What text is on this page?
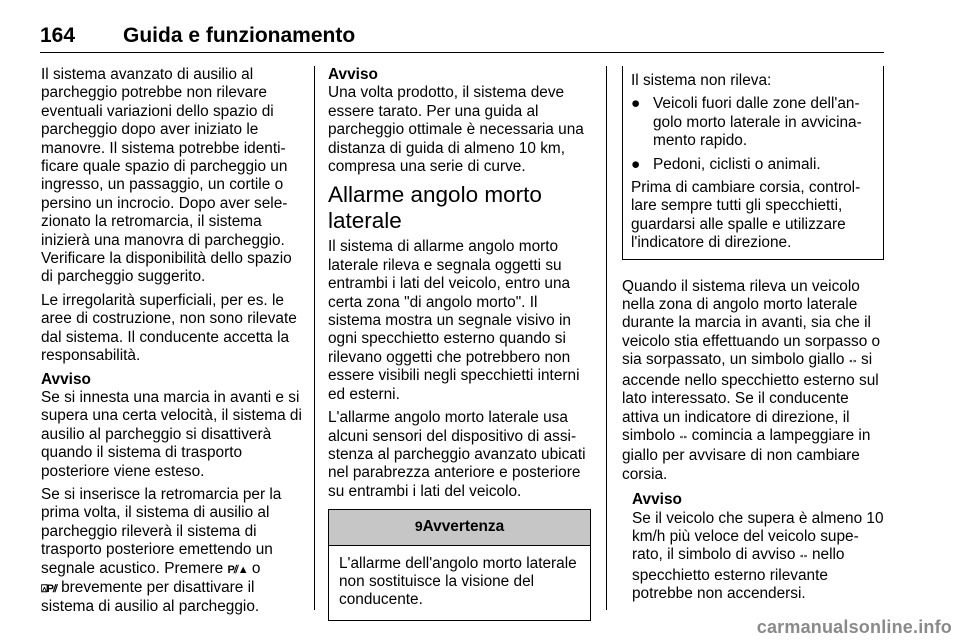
164 Guida e funzionamento

Il sistema avanzato di ausilio al parcheggio potrebbe non rilevare eventuali variazioni dello spazio di parcheggio dopo aver iniziato le manovre. Il sistema potrebbe identificare quale spazio di parcheggio un ingresso, un passaggio, un cortile o persino un incrocio. Dopo aver selezionato la retromarcia, il sistema inizierà una manovra di parcheggio. Verificare la disponibilità dello spazio di parcheggio suggerito.

Le irregolarità superficiali, per es. le aree di costruzione, non sono rilevate dal sistema. Il conducente accetta la responsabilità.

Avviso

Se si innesta una marcia in avanti e si supera una certa velocità, il sistema di ausilio al parcheggio si disattiverà quando il sistema di trasporto posteriore viene esteso.

Se si inserisce la retromarcia per la prima volta, il sistema di ausilio al parcheggio rileverà il sistema di trasporto posteriore emettendo un segnale acustico. Premere P⫽▲ o
⍓P⫽ brevemente per disattivare il sistema di ausilio al parcheggio.

Avviso

Una volta prodotto, il sistema deve essere tarato. Per una guida al parcheggio ottimale è necessaria una distanza di guida di almeno 10 km, compresa una serie di curve.

Allarme angolo morto laterale

Il sistema di allarme angolo morto laterale rileva e segnala oggetti su entrambi i lati del veicolo, entro una certa zona "di angolo morto". Il sistema mostra un segnale visivo in ogni specchietto esterno quando si rilevano oggetti che potrebbero non essere visibili negli specchietti interni ed esterni.

L'allarme angolo morto laterale usa alcuni sensori del dispositivo di assistenza al parcheggio avanzato ubicati nel parabrezza anteriore e posteriore su entrambi i lati del veicolo.

9Avvertenza
L'allarme dell'angolo morto laterale non sostituisce la visione del conducente.

Il sistema non rileva:

● Veicoli fuori dalle zone dell'angolo morto laterale in avvicinamento rapido.
● Pedoni, ciclisti o animali.

Prima di cambiare corsia, controllare sempre tutti gli specchietti, guardarsi alle spalle e utilizzare l'indicatore di direzione.

Quando il sistema rileva un veicolo nella zona di angolo morto laterale durante la marcia in avanti, sia che il veicolo stia effettuando un sorpasso o sia sorpassato, un simbolo giallo ⁌⁍ si accende nello specchietto esterno sul lato interessato. Se il conducente attiva un indicatore di direzione, il simbolo ⁌⁍ comincia a lampeggiare in giallo per avvisare di non cambiare corsia.

Avviso

Se il veicolo che supera è almeno 10 km/h più veloce del veicolo superato, il simbolo di avviso ⁌⁍ nello specchietto esterno rilevante potrebbe non accendersi.

carmanualsonline.info
